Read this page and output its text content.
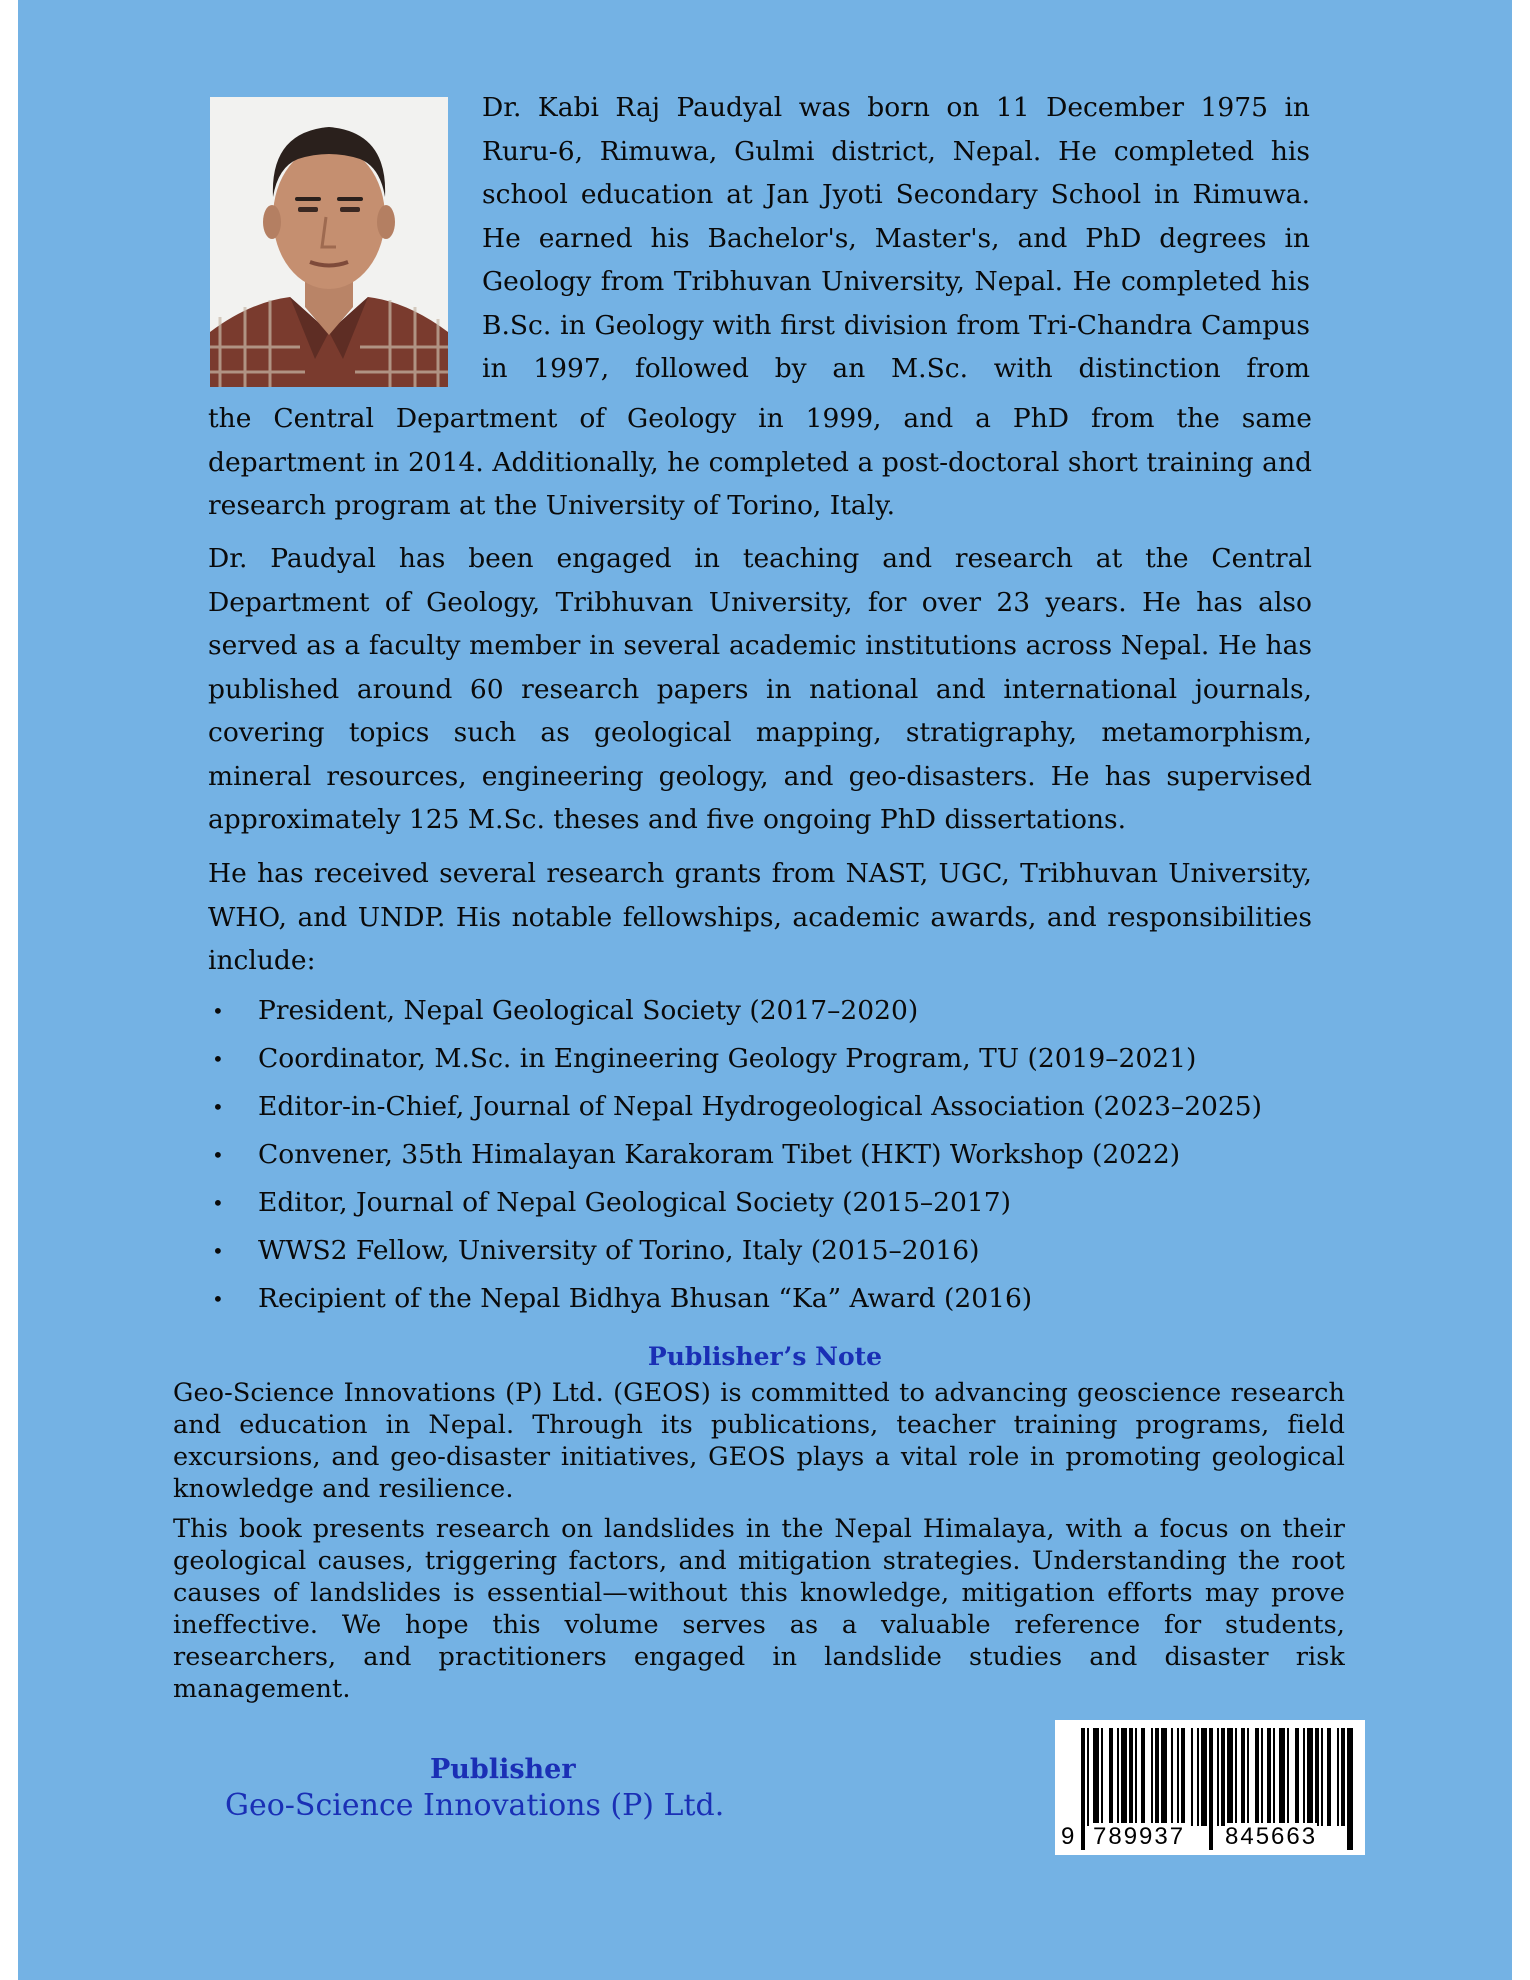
Dr. Kabi Raj Paudyal was born on 11 December 1975 in Ruru-6, Rimuwa, Gulmi district, Nepal. He completed his school education at Jan Jyoti Secondary School in Rimuwa. He earned his Bachelor's, Master's, and PhD degrees in Geology from Tribhuvan University, Nepal. He completed his B.Sc. in Geology with first division from Tri-Chandra Campus in 1997, followed by an M.Sc. with distinction from

the Central Department of Geology in 1999, and a PhD from the same department in 2014. Additionally, he completed a post-doctoral short training and research program at the University of Torino, Italy.

Dr. Paudyal has been engaged in teaching and research at the Central Department of Geology, Tribhuvan University, for over 23 years. He has also served as a faculty member in several academic institutions across Nepal. He has published around 60 research papers in national and international journals, covering topics such as geological mapping, stratigraphy, metamorphism, mineral resources, engineering geology, and geo-disasters. He has supervised approximately 125 M.Sc. theses and five ongoing PhD dissertations.

He has received several research grants from NAST, UGC, Tribhuvan University, WHO, and UNDP. His notable fellowships, academic awards, and responsibilities include:

• President, Nepal Geological Society (2017–2020)
• Coordinator, M.Sc. in Engineering Geology Program, TU (2019–2021)
• Editor-in-Chief, Journal of Nepal Hydrogeological Association (2023–2025)
• Convener, 35th Himalayan Karakoram Tibet (HKT) Workshop (2022)
• Editor, Journal of Nepal Geological Society (2015–2017)
• WWS2 Fellow, University of Torino, Italy (2015–2016)
• Recipient of the Nepal Bidhya Bhusan “Ka” Award (2016)
Publisher’s Note

Geo-Science Innovations (P) Ltd. (GEOS) is committed to advancing geoscience research and education in Nepal. Through its publications, teacher training programs, field excursions, and geo-disaster initiatives, GEOS plays a vital role in promoting geological knowledge and resilience.

This book presents research on landslides in the Nepal Himalaya, with a focus on their geological causes, triggering factors, and mitigation strategies. Understanding the root causes of landslides is essential—without this knowledge, mitigation efforts may prove ineffective. We hope this volume serves as a valuable reference for students, researchers, and practitioners engaged in landslide studies and disaster risk management.

Publisher

Geo-Science Innovations (P) Ltd.

9 789937 845663
